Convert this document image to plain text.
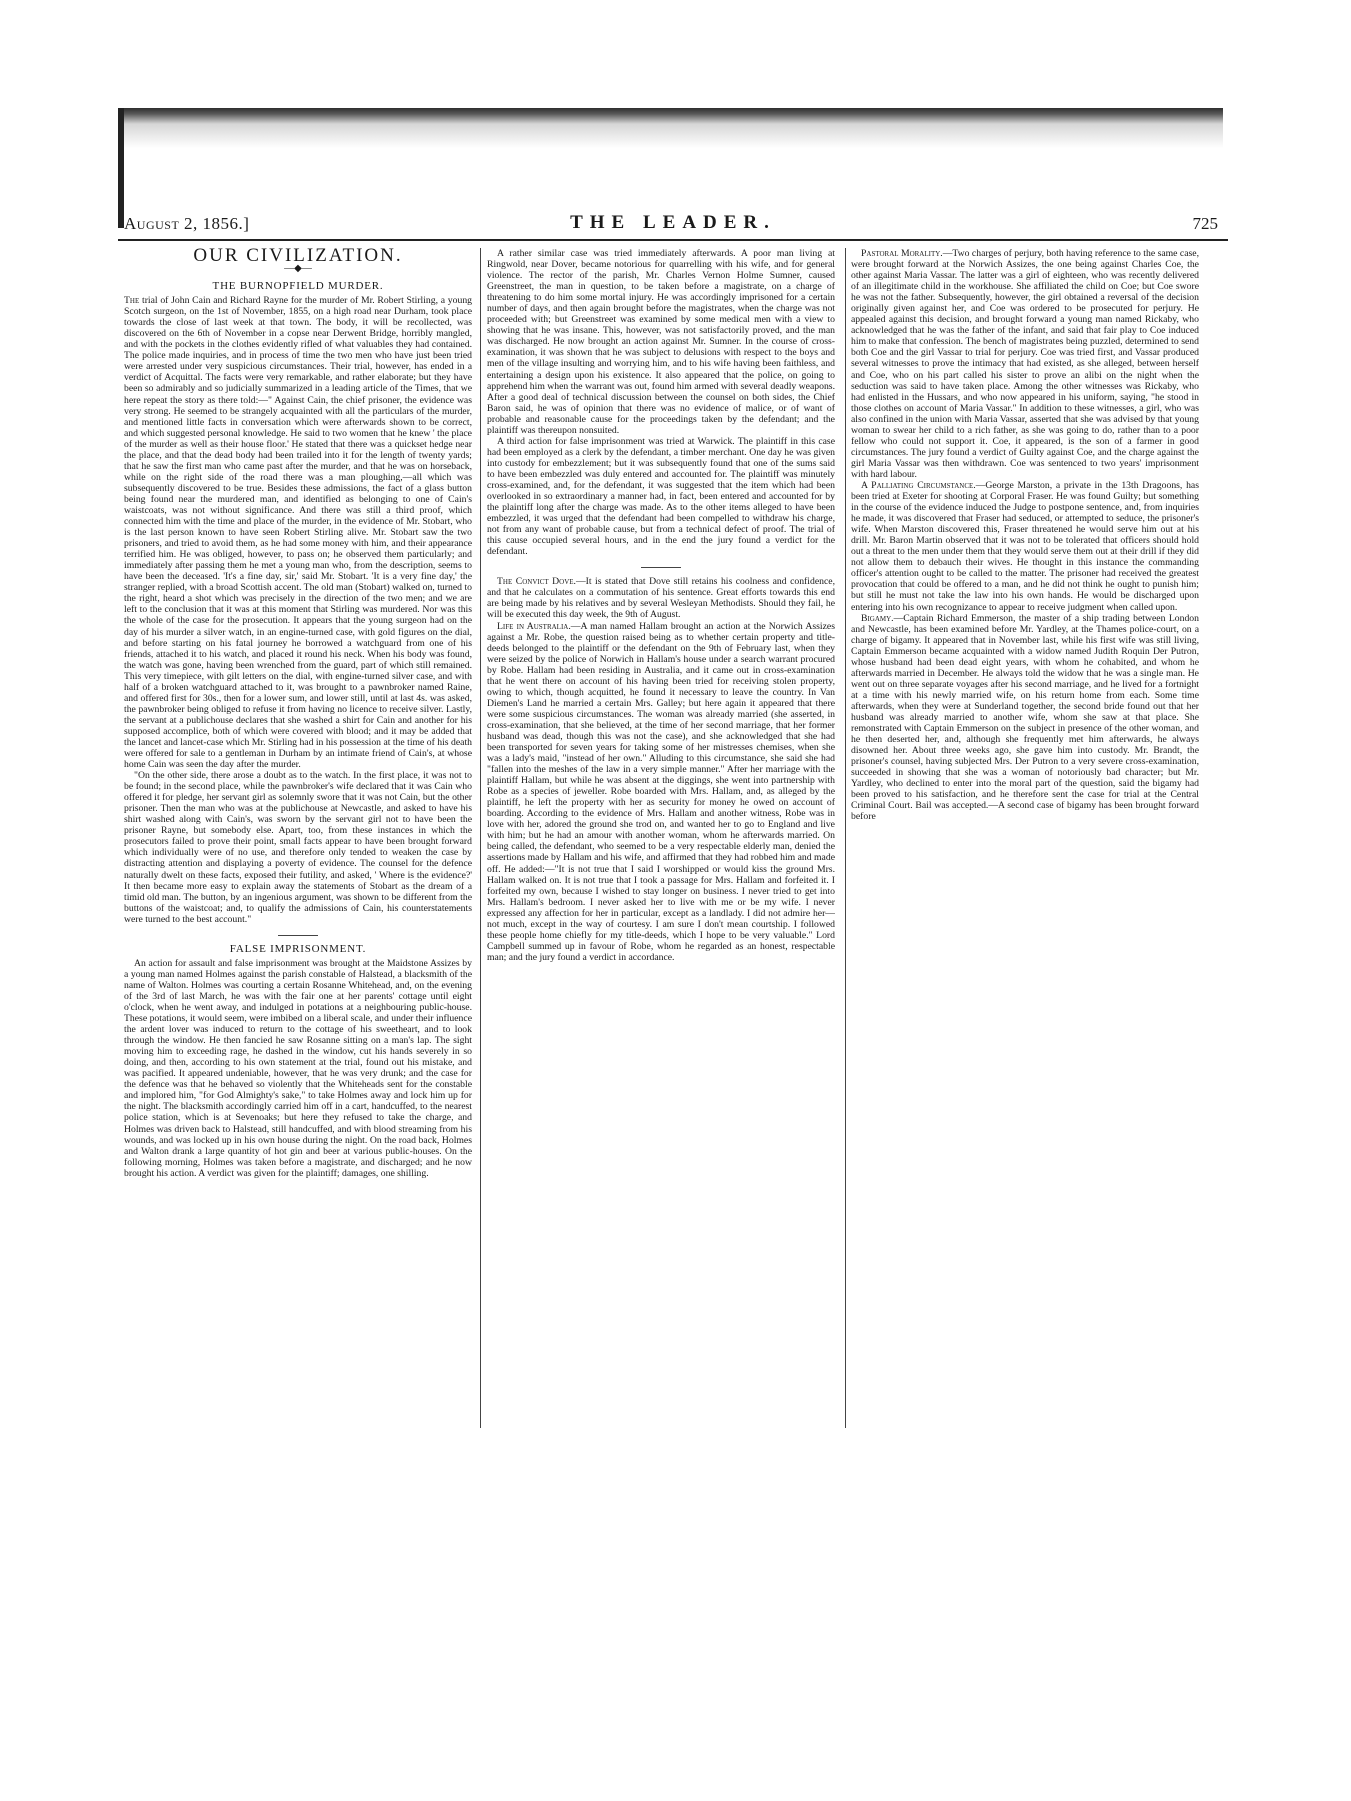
August 2, 1856.]	THE LEADER.	725
OUR CIVILIZATION.
—◆—
THE BURNOPFIELD MURDER.

The trial of John Cain and Richard Rayne for the murder of Mr. Robert Stirling, a young Scotch surgeon, on the 1st of November, 1855, on a high road near Durham, took place towards the close of last week at that town. The body, it will be recollected, was discovered on the 6th of November in a copse near Derwent Bridge, horribly mangled, and with the pockets in the clothes evidently rifled of what valuables they had contained. The police made inquiries, and in process of time the two men who have just been tried were arrested under very suspicious circumstances. Their trial, however, has ended in a verdict of Acquittal. The facts were very remarkable, and rather elaborate; but they have been so admirably and so judicially summarized in a leading article of the Times, that we here repeat the story as there told:—" Against Cain, the chief prisoner, the evidence was very strong. He seemed to be strangely acquainted with all the particulars of the murder, and mentioned little facts in conversation which were afterwards shown to be correct, and which suggested personal knowledge. He said to two women that he knew ' the place of the murder as well as their house floor.' He stated that there was a quickset hedge near the place, and that the dead body had been trailed into it for the length of twenty yards; that he saw the first man who came past after the murder, and that he was on horseback, while on the right side of the road there was a man ploughing,—all which was subsequently discovered to be true. Besides these admissions, the fact of a glass button being found near the murdered man, and identified as belonging to one of Cain's waistcoats, was not without significance. And there was still a third proof, which connected him with the time and place of the murder, in the evidence of Mr. Stobart, who is the last person known to have seen Robert Stirling alive. Mr. Stobart saw the two prisoners, and tried to avoid them, as he had some money with him, and their appearance terrified him. He was obliged, however, to pass on; he observed them particularly; and immediately after passing them he met a young man who, from the description, seems to have been the deceased. 'It's a fine day, sir,' said Mr. Stobart. 'It is a very fine day,' the stranger replied, with a broad Scottish accent. The old man (Stobart) walked on, turned to the right, heard a shot which was precisely in the direction of the two men; and we are left to the conclusion that it was at this moment that Stirling was murdered. Nor was this the whole of the case for the prosecution. It appears that the young surgeon had on the day of his murder a silver watch, in an engine-turned case, with gold figures on the dial, and before starting on his fatal journey he borrowed a watchguard from one of his friends, attached it to his watch, and placed it round his neck. When his body was found, the watch was gone, having been wrenched from the guard, part of which still remained. This very timepiece, with gilt letters on the dial, with engine-turned silver case, and with half of a broken watchguard attached to it, was brought to a pawnbroker named Raine, and offered first for 30s., then for a lower sum, and lower still, until at last 4s. was asked, the pawnbroker being obliged to refuse it from having no licence to receive silver. Lastly, the servant at a publichouse declares that she washed a shirt for Cain and another for his supposed accomplice, both of which were covered with blood; and it may be added that the lancet and lancet-case which Mr. Stirling had in his possession at the time of his death were offered for sale to a gentleman in Durham by an intimate friend of Cain's, at whose home Cain was seen the day after the murder.

"On the other side, there arose a doubt as to the watch. In the first place, it was not to be found; in the second place, while the pawnbroker's wife declared that it was Cain who offered it for pledge, her servant girl as solemnly swore that it was not Cain, but the other prisoner. Then the man who was at the publichouse at Newcastle, and asked to have his shirt washed along with Cain's, was sworn by the servant girl not to have been the prisoner Rayne, but somebody else. Apart, too, from these instances in which the prosecutors failed to prove their point, small facts appear to have been brought forward which individually were of no use, and therefore only tended to weaken the case by distracting attention and displaying a poverty of evidence. The counsel for the defence naturally dwelt on these facts, exposed their futility, and asked, ' Where is the evidence?' It then became more easy to explain away the statements of Stobart as the dream of a timid old man. The button, by an ingenious argument, was shown to be different from the buttons of the waistcoat; and, to qualify the admissions of Cain, his counterstatements were turned to the best account."

FALSE IMPRISONMENT.

An action for assault and false imprisonment was brought at the Maidstone Assizes by a young man named Holmes against the parish constable of Halstead, a blacksmith of the name of Walton. Holmes was courting a certain Rosanne Whitehead, and, on the evening of the 3rd of last March, he was with the fair one at her parents' cottage until eight o'clock, when he went away, and indulged in potations at a neighbouring public-house. These potations, it would seem, were imbibed on a liberal scale, and under their influence the ardent lover was induced to return to the cottage of his sweetheart, and to look through the window. He then fancied he saw Rosanne sitting on a man's lap. The sight moving him to exceeding rage, he dashed in the window, cut his hands severely in so doing, and then, according to his own statement at the trial, found out his mistake, and was pacified. It appeared undeniable, however, that he was very drunk; and the case for the defence was that he behaved so violently that the Whiteheads sent for the constable and implored him, "for God Almighty's sake," to take Holmes away and lock him up for the night. The blacksmith accordingly carried him off in a cart, handcuffed, to the nearest police station, which is at Sevenoaks; but here they refused to take the charge, and Holmes was driven back to Halstead, still handcuffed, and with blood streaming from his wounds, and was locked up in his own house during the night. On the road back, Holmes and Walton drank a large quantity of hot gin and beer at various public-houses. On the following morning, Holmes was taken before a magistrate, and discharged; and he now brought his action. A verdict was given for the plaintiff; damages, one shilling.

A rather similar case was tried immediately afterwards. A poor man living at Ringwold, near Dover, became notorious for quarrelling with his wife, and for general violence. The rector of the parish, Mr. Charles Vernon Holme Sumner, caused Greenstreet, the man in question, to be taken before a magistrate, on a charge of threatening to do him some mortal injury. He was accordingly imprisoned for a certain number of days, and then again brought before the magistrates, when the charge was not proceeded with; but Greenstreet was examined by some medical men with a view to showing that he was insane. This, however, was not satisfactorily proved, and the man was discharged. He now brought an action against Mr. Sumner. In the course of cross-examination, it was shown that he was subject to delusions with respect to the boys and men of the village insulting and worrying him, and to his wife having been faithless, and entertaining a design upon his existence. It also appeared that the police, on going to apprehend him when the warrant was out, found him armed with several deadly weapons. After a good deal of technical discussion between the counsel on both sides, the Chief Baron said, he was of opinion that there was no evidence of malice, or of want of probable and reasonable cause for the proceedings taken by the defendant; and the plaintiff was thereupon nonsuited.

A third action for false imprisonment was tried at Warwick. The plaintiff in this case had been employed as a clerk by the defendant, a timber merchant. One day he was given into custody for embezzlement; but it was subsequently found that one of the sums said to have been embezzled was duly entered and accounted for. The plaintiff was minutely cross-examined, and, for the defendant, it was suggested that the item which had been overlooked in so extraordinary a manner had, in fact, been entered and accounted for by the plaintiff long after the charge was made. As to the other items alleged to have been embezzled, it was urged that the defendant had been compelled to withdraw his charge, not from any want of probable cause, but from a technical defect of proof. The trial of this cause occupied several hours, and in the end the jury found a verdict for the defendant.

The Convict Dove.—It is stated that Dove still retains his coolness and confidence, and that he calculates on a commutation of his sentence. Great efforts towards this end are being made by his relatives and by several Wesleyan Methodists. Should they fail, he will be executed this day week, the 9th of August.

Life in Australia.—A man named Hallam brought an action at the Norwich Assizes against a Mr. Robe, the question raised being as to whether certain property and title-deeds belonged to the plaintiff or the defendant on the 9th of February last, when they were seized by the police of Norwich in Hallam's house under a search warrant procured by Robe. Hallam had been residing in Australia, and it came out in cross-examination that he went there on account of his having been tried for receiving stolen property, owing to which, though acquitted, he found it necessary to leave the country. In Van Diemen's Land he married a certain Mrs. Galley; but here again it appeared that there were some suspicious circumstances. The woman was already married (she asserted, in cross-examination, that she believed, at the time of her second marriage, that her former husband was dead, though this was not the case), and she acknowledged that she had been transported for seven years for taking some of her mistresses chemises, when she was a lady's maid, "instead of her own." Alluding to this circumstance, she said she had "fallen into the meshes of the law in a very simple manner." After her marriage with the plaintiff Hallam, but while he was absent at the diggings, she went into partnership with Robe as a species of jeweller. Robe boarded with Mrs. Hallam, and, as alleged by the plaintiff, he left the property with her as security for money he owed on account of boarding. According to the evidence of Mrs. Hallam and another witness, Robe was in love with her, adored the ground she trod on, and wanted her to go to England and live with him; but he had an amour with another woman, whom he afterwards married. On being called, the defendant, who seemed to be a very respectable elderly man, denied the assertions made by Hallam and his wife, and affirmed that they had robbed him and made off. He added:—"It is not true that I said I worshipped or would kiss the ground Mrs. Hallam walked on. It is not true that I took a passage for Mrs. Hallam and forfeited it. I forfeited my own, because I wished to stay longer on business. I never tried to get into Mrs. Hallam's bedroom. I never asked her to live with me or be my wife. I never expressed any affection for her in particular, except as a landlady. I did not admire her—not much, except in the way of courtesy. I am sure I don't mean courtship. I followed these people home chiefly for my title-deeds, which I hope to be very valuable." Lord Campbell summed up in favour of Robe, whom he regarded as an honest, respectable man; and the jury found a verdict in accordance.

Pastoral Morality.—Two charges of perjury, both having reference to the same case, were brought forward at the Norwich Assizes, the one being against Charles Coe, the other against Maria Vassar. The latter was a girl of eighteen, who was recently delivered of an illegitimate child in the workhouse. She affiliated the child on Coe; but Coe swore he was not the father. Subsequently, however, the girl obtained a reversal of the decision originally given against her, and Coe was ordered to be prosecuted for perjury. He appealed against this decision, and brought forward a young man named Rickaby, who acknowledged that he was the father of the infant, and said that fair play to Coe induced him to make that confession. The bench of magistrates being puzzled, determined to send both Coe and the girl Vassar to trial for perjury. Coe was tried first, and Vassar produced several witnesses to prove the intimacy that had existed, as she alleged, between herself and Coe, who on his part called his sister to prove an alibi on the night when the seduction was said to have taken place. Among the other witnesses was Rickaby, who had enlisted in the Hussars, and who now appeared in his uniform, saying, "he stood in those clothes on account of Maria Vassar." In addition to these witnesses, a girl, who was also confined in the union with Maria Vassar, asserted that she was advised by that young woman to swear her child to a rich father, as she was going to do, rather than to a poor fellow who could not support it. Coe, it appeared, is the son of a farmer in good circumstances. The jury found a verdict of Guilty against Coe, and the charge against the girl Maria Vassar was then withdrawn. Coe was sentenced to two years' imprisonment with hard labour.

A Palliating Circumstance.—George Marston, a private in the 13th Dragoons, has been tried at Exeter for shooting at Corporal Fraser. He was found Guilty; but something in the course of the evidence induced the Judge to postpone sentence, and, from inquiries he made, it was discovered that Fraser had seduced, or attempted to seduce, the prisoner's wife. When Marston discovered this, Fraser threatened he would serve him out at his drill. Mr. Baron Martin observed that it was not to be tolerated that officers should hold out a threat to the men under them that they would serve them out at their drill if they did not allow them to debauch their wives. He thought in this instance the commanding officer's attention ought to be called to the matter. The prisoner had received the greatest provocation that could be offered to a man, and he did not think he ought to punish him; but still he must not take the law into his own hands. He would be discharged upon entering into his own recognizance to appear to receive judgment when called upon.

Bigamy.—Captain Richard Emmerson, the master of a ship trading between London and Newcastle, has been examined before Mr. Yardley, at the Thames police-court, on a charge of bigamy. It appeared that in November last, while his first wife was still living, Captain Emmerson became acquainted with a widow named Judith Roquin Der Putron, whose husband had been dead eight years, with whom he cohabited, and whom he afterwards married in December. He always told the widow that he was a single man. He went out on three separate voyages after his second marriage, and he lived for a fortnight at a time with his newly married wife, on his return home from each. Some time afterwards, when they were at Sunderland together, the second bride found out that her husband was already married to another wife, whom she saw at that place. She remonstrated with Captain Emmerson on the subject in presence of the other woman, and he then deserted her, and, although she frequently met him afterwards, he always disowned her. About three weeks ago, she gave him into custody. Mr. Brandt, the prisoner's counsel, having subjected Mrs. Der Putron to a very severe cross-examination, succeeded in showing that she was a woman of notoriously bad character; but Mr. Yardley, who declined to enter into the moral part of the question, said the bigamy had been proved to his satisfaction, and he therefore sent the case for trial at the Central Criminal Court. Bail was accepted.—A second case of bigamy has been brought forward before
